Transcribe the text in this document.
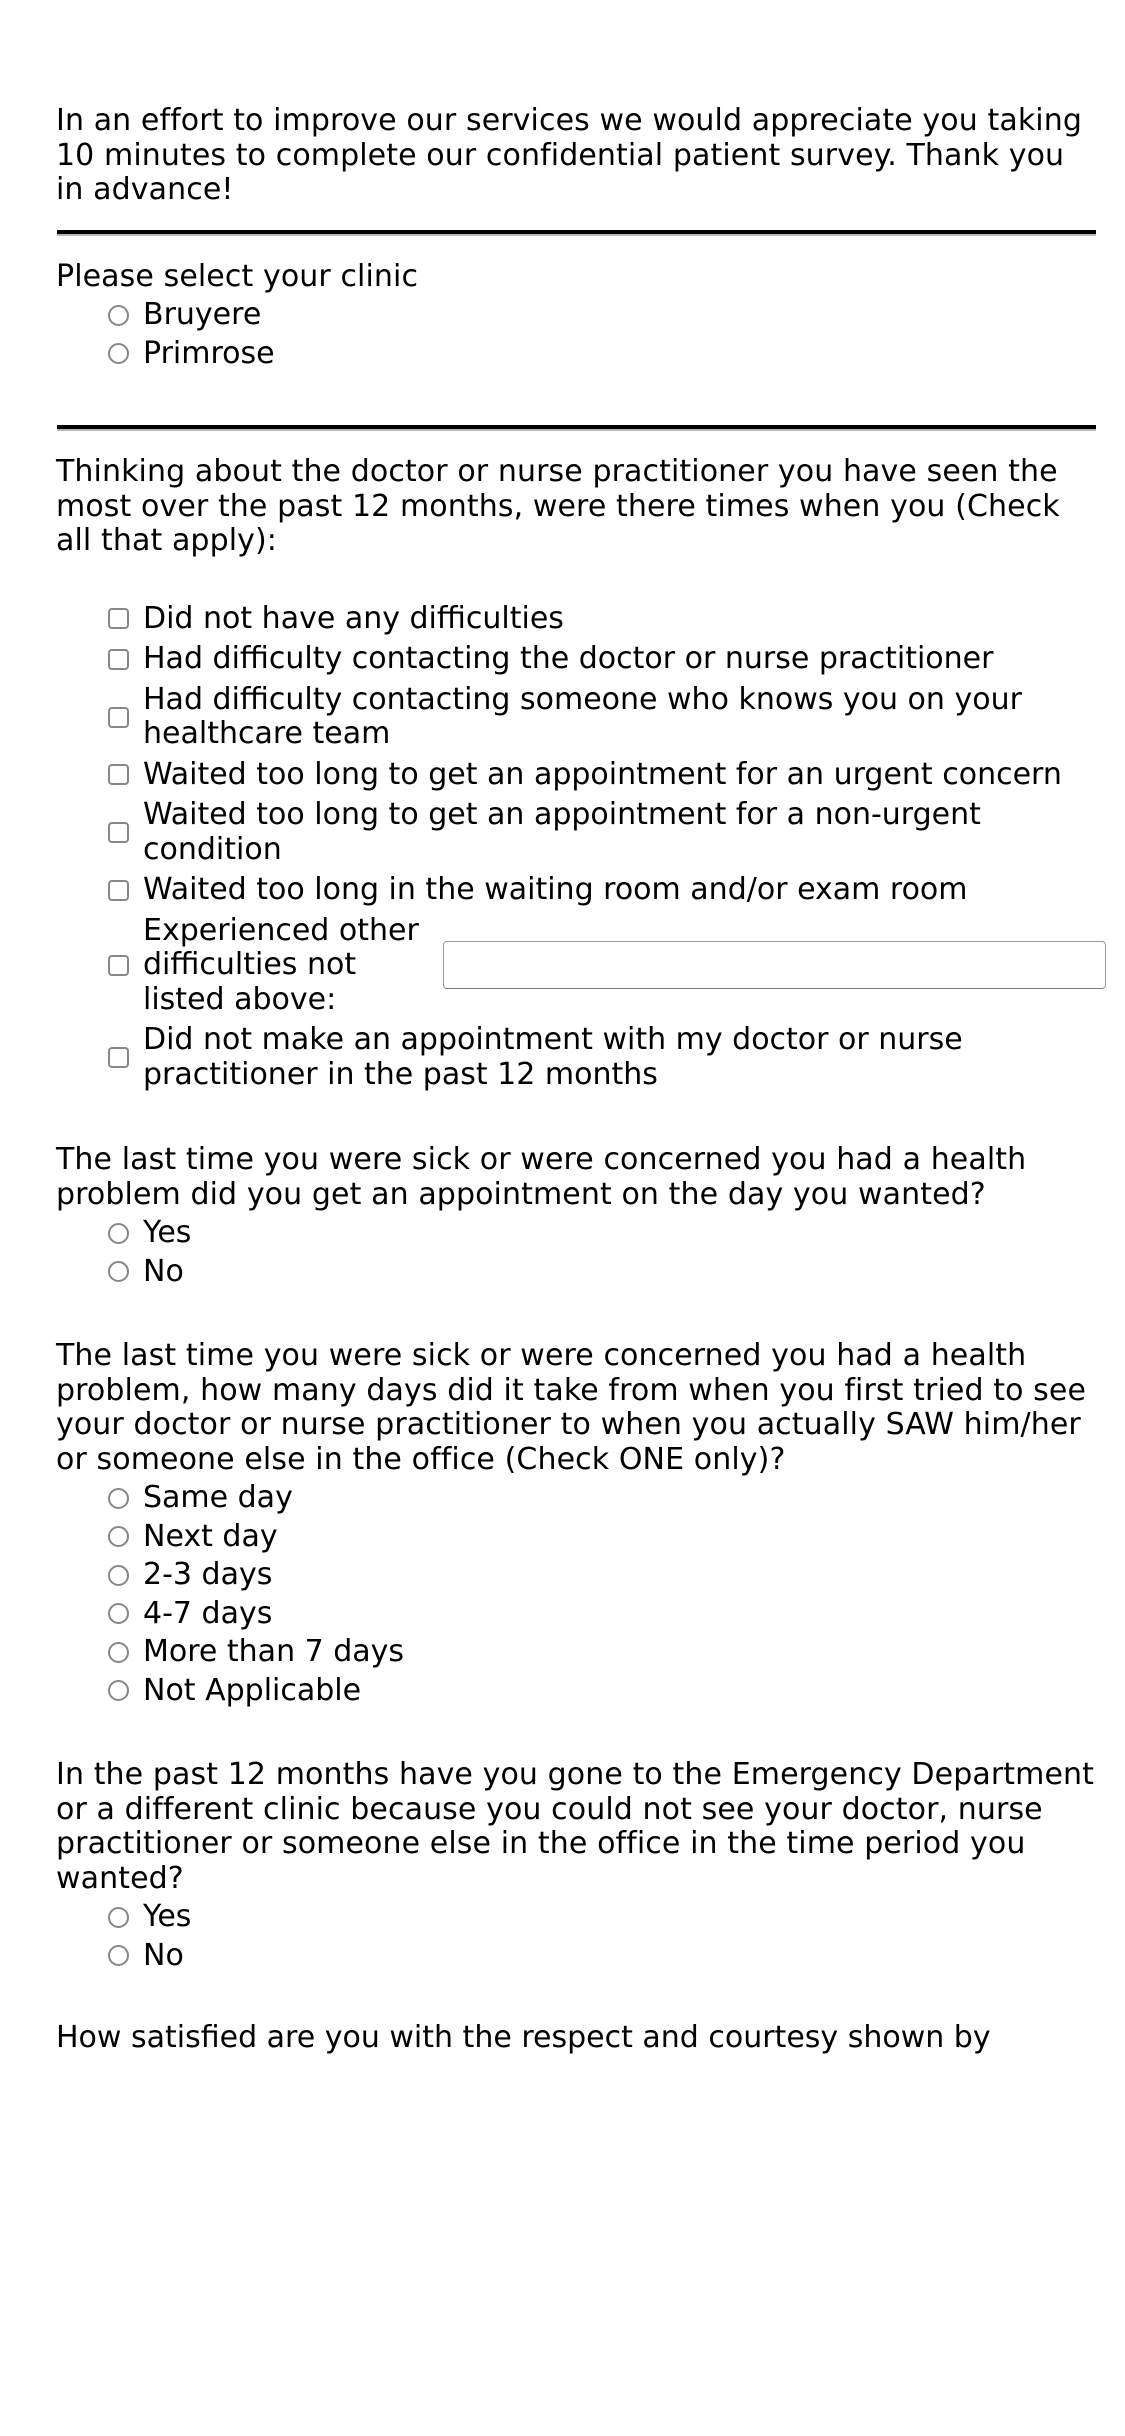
In an effort to improve our services we would appreciate you taking 10 minutes to complete our confidential patient survey. Thank you in advance!

Please select your clinic

Bruyere
Primrose

Thinking about the doctor or nurse practitioner you have seen the most over the past 12 months, were there times when you (Check all that apply):

Did not have any difficulties
Had difficulty contacting the doctor or nurse practitioner
Had difficulty contacting someone who knows you on your healthcare team
Waited too long to get an appointment for an urgent concern
Waited too long to get an appointment for a non-urgent condition
Waited too long in the waiting room and/or exam room
Experienced other difficulties not listed above:
Did not make an appointment with my doctor or nurse practitioner in the past 12 months

The last time you were sick or were concerned you had a health problem did you get an appointment on the day you wanted?

Yes
No

The last time you were sick or were concerned you had a health problem, how many days did it take from when you first tried to see your doctor or nurse practitioner to when you actually SAW him/her or someone else in the office (Check ONE only)?

Same day
Next day
2-3 days
4-7 days
More than 7 days
Not Applicable

In the past 12 months have you gone to the Emergency Department or a different clinic because you could not see your doctor, nurse practitioner or someone else in the office in the time period you wanted?

Yes
No

How satisfied are you with the respect and courtesy shown by
